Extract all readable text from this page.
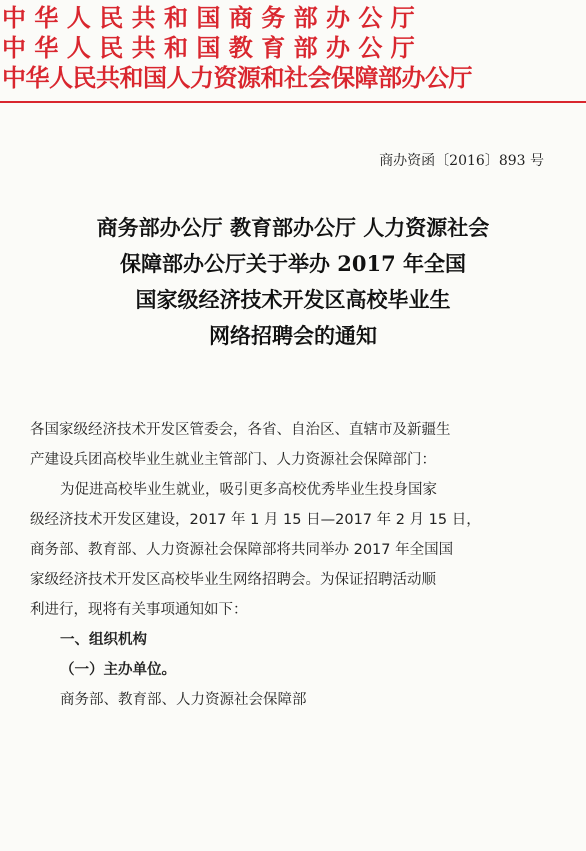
中华人民共和国商务部办公厅
中华人民共和国教育部办公厅
中华人民共和国人力资源和社会保障部办公厅
商办资函〔2016〕893 号
商务部办公厅 教育部办公厅 人力资源社会
保障部办公厅关于举办 2017 年全国
国家级经济技术开发区高校毕业生
网络招聘会的通知

各国家级经济技术开发区管委会，各省、自治区、直辖市及新疆生

产建设兵团高校毕业生就业主管部门、人力资源社会保障部门：

为促进高校毕业生就业，吸引更多高校优秀毕业生投身国家

级经济技术开发区建设，2017 年 1 月 15 日—2017 年 2 月 15 日，

商务部、教育部、人力资源社会保障部将共同举办 2017 年全国国

家级经济技术开发区高校毕业生网络招聘会。为保证招聘活动顺

利进行，现将有关事项通知如下：

一、组织机构

（一）主办单位。

商务部、教育部、人力资源社会保障部
